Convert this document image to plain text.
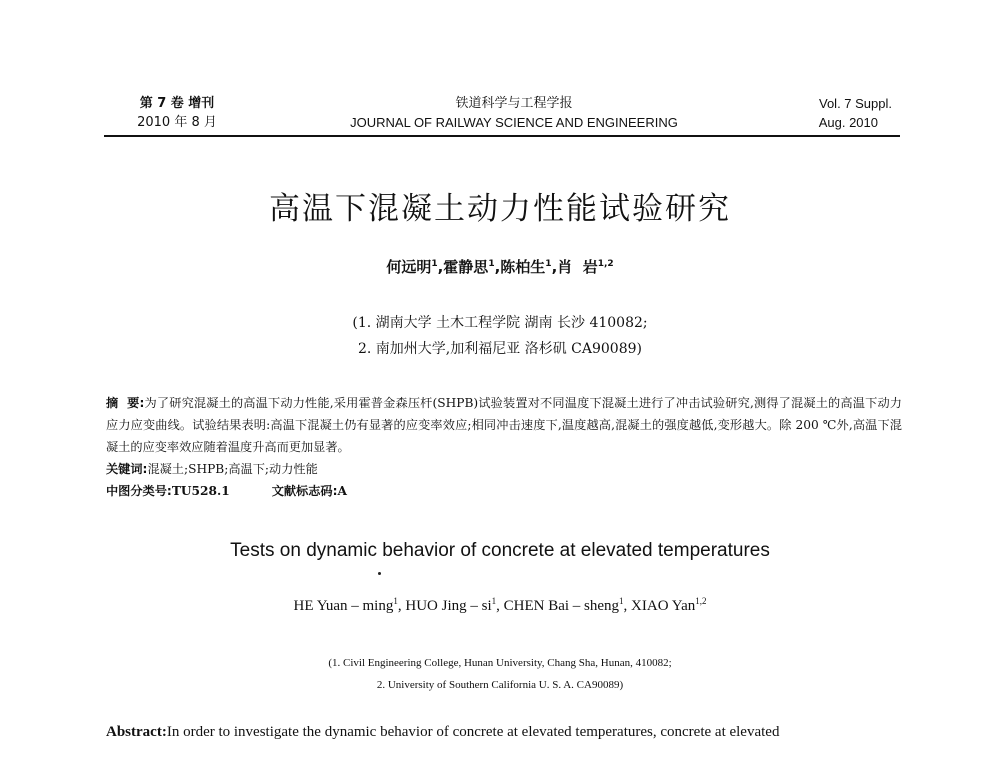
第 7 卷 增刊
2010 年 8 月
铁道科学与工程学报
JOURNAL OF RAILWAY SCIENCE AND ENGINEERING
Vol. 7 Suppl.
Aug. 2010
高温下混凝土动力性能试验研究
何远明$^1$,霍静思$^1$,陈柏生$^1$,肖  岩$^{1,2}$
(1. 湖南大学 土木工程学院 湖南 长沙 410082;
2. 南加州大学,加利福尼亚 洛杉矶 CA90089)
摘  要:为了研究混凝土的高温下动力性能,采用霍普金森压杆(SHPB)试验装置对不同温度下混凝土进行了冲击试验研究,测得了混凝土的高温下动力应力应变曲线。试验结果表明:高温下混凝土仍有显著的应变率效应;相同冲击速度下,温度越高,混凝土的强度越低,变形越大。除 200 ℃外,高温下混凝土的应变率效应随着温度升高而更加显著。
关键词:混凝土;SHPB;高温下;动力性能
中图分类号:TU528.1	文献标志码:A
Tests on dynamic behavior of concrete at elevated temperatures
HE Yuan – ming$^1$, HUO Jing – $si^1$, CHEN Bai – sheng$^1$, XIAO Yan$^{1,2}$
(1. Civil Engineering College, Hunan University, Chang Sha, Hunan, 410082;
2. University of Southern California U. S. A. CA90089)
Abstract:In order to investigate the dynamic behavior of concrete at elevated temperatures, concrete at elevated
